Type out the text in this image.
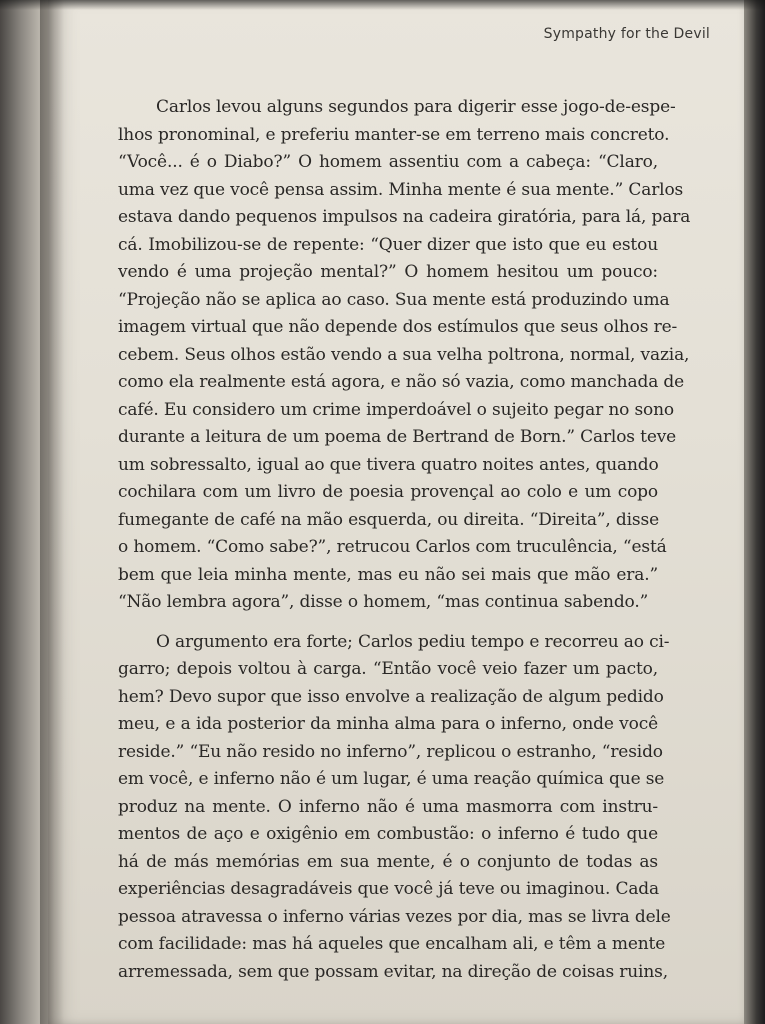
Sympathy for the Devil
Carlos levou alguns segundos para digerir esse jogo-de-espe-
lhos pronominal, e preferiu manter-se em terreno mais concreto.
“Você... é o Diabo?” O homem assentiu com a cabeça: “Claro,
uma vez que você pensa assim. Minha mente é sua mente.” Carlos
estava dando pequenos impulsos na cadeira giratória, para lá, para
cá. Imobilizou-se de repente: “Quer dizer que isto que eu estou
vendo é uma projeção mental?” O homem hesitou um pouco:
“Projeção não se aplica ao caso. Sua mente está produzindo uma
imagem virtual que não depende dos estímulos que seus olhos re-
cebem. Seus olhos estão vendo a sua velha poltrona, normal, vazia,
como ela realmente está agora, e não só vazia, como manchada de
café. Eu considero um crime imperdoável o sujeito pegar no sono
durante a leitura de um poema de Bertrand de Born.” Carlos teve
um sobressalto, igual ao que tivera quatro noites antes, quando
cochilara com um livro de poesia provençal ao colo e um copo
fumegante de café na mão esquerda, ou direita. “Direita”, disse
o homem. “Como sabe?”, retrucou Carlos com truculência, “está
bem que leia minha mente, mas eu não sei mais que mão era.”
“Não lembra agora”, disse o homem, “mas continua sabendo.”
O argumento era forte; Carlos pediu tempo e recorreu ao ci-
garro; depois voltou à carga. “Então você veio fazer um pacto,
hem? Devo supor que isso envolve a realização de algum pedido
meu, e a ida posterior da minha alma para o inferno, onde você
reside.” “Eu não resido no inferno”, replicou o estranho, “resido
em você, e inferno não é um lugar, é uma reação química que se
produz na mente. O inferno não é uma masmorra com instru-
mentos de aço e oxigênio em combustão: o inferno é tudo que
há de más memórias em sua mente, é o conjunto de todas as
experiências desagradáveis que você já teve ou imaginou. Cada
pessoa atravessa o inferno várias vezes por dia, mas se livra dele
com facilidade: mas há aqueles que encalham ali, e têm a mente
arremessada, sem que possam evitar, na direção de coisas ruins,
